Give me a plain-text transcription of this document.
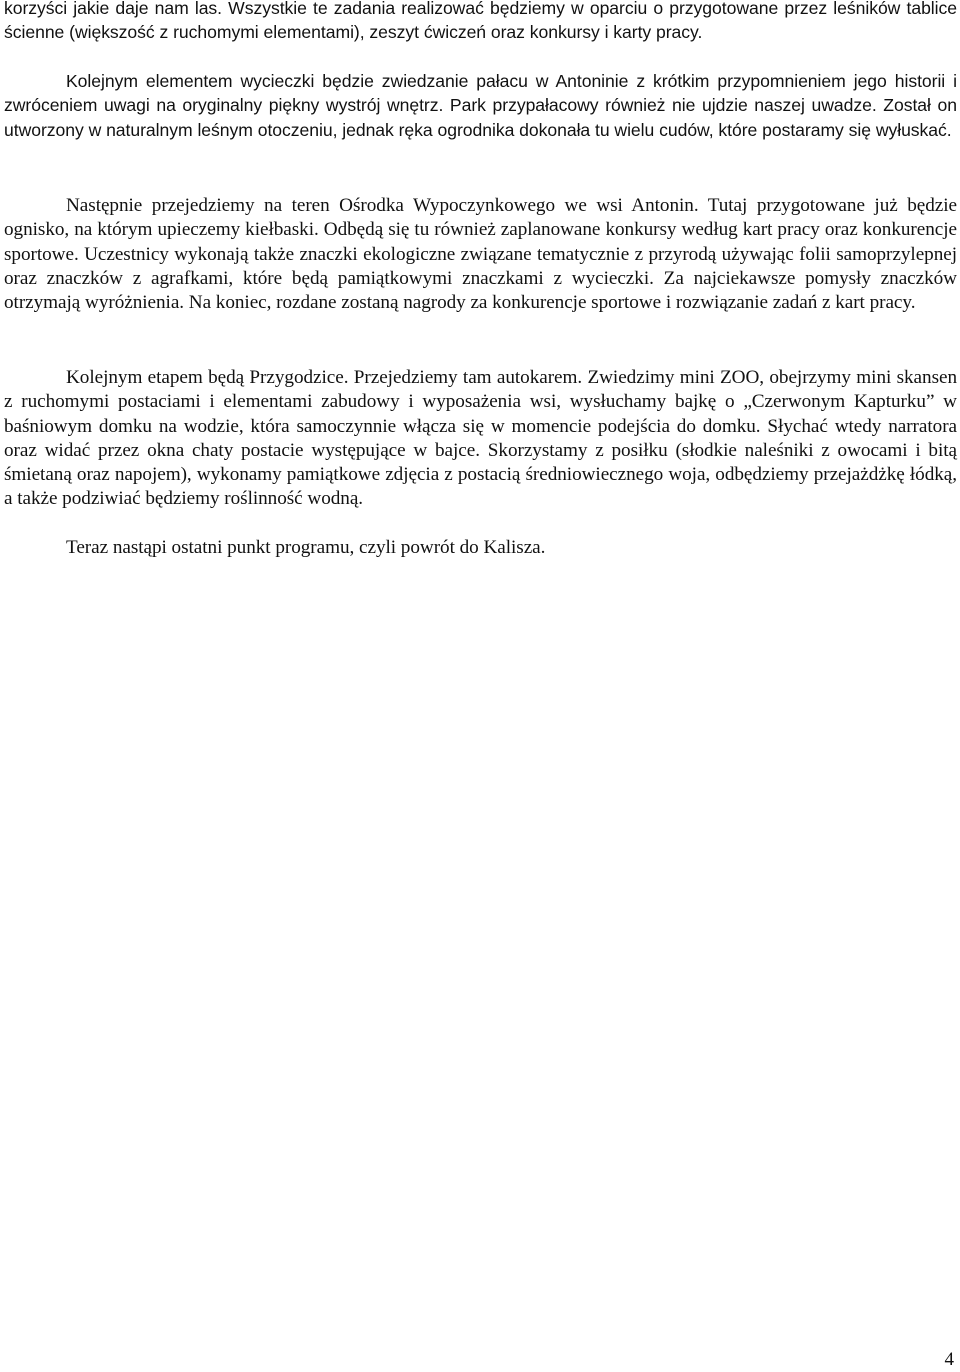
korzyści jakie daje nam las. Wszystkie te zadania realizować będziemy w oparciu o przygotowane przez leśników tablice ścienne (większość z ruchomymi elementami), zeszyt ćwiczeń oraz konkursy i karty pracy.

Kolejnym elementem wycieczki będzie zwiedzanie pałacu w Antoninie z krótkim przypomnieniem jego historii i zwróceniem uwagi na oryginalny piękny wystrój wnętrz. Park przypałacowy również nie ujdzie naszej uwadze. Został on utworzony w naturalnym leśnym otoczeniu, jednak ręka ogrodnika dokonała tu wielu cudów, które postaramy się wyłuskać.

Następnie przejedziemy na teren Ośrodka Wypoczynkowego we wsi Antonin. Tutaj przygotowane już będzie ognisko, na którym upieczemy kiełbaski. Odbędą się tu również zaplanowane konkursy według kart pracy oraz konkurencje sportowe. Uczestnicy wykonają także znaczki ekologiczne związane tematycznie z przyrodą używając folii samoprzylepnej oraz znaczków z agrafkami, które będą pamiątkowymi znaczkami z wycieczki. Za najciekawsze pomysły znaczków otrzymają wyróżnienia. Na koniec, rozdane zostaną nagrody za konkurencje sportowe i rozwiązanie zadań z kart pracy.

Kolejnym etapem będą Przygodzice. Przejedziemy tam autokarem. Zwiedzimy mini ZOO, obejrzymy mini skansen z ruchomymi postaciami i elementami zabudowy i wyposażenia wsi, wysłuchamy bajkę o „Czerwonym Kapturku” w baśniowym domku na wodzie, która samoczynnie włącza się w momencie podejścia do domku. Słychać wtedy narratora oraz widać przez okna chaty postacie występujące w bajce. Skorzystamy z posiłku (słodkie naleśniki z owocami i bitą śmietaną oraz napojem), wykonamy pamiątkowe zdjęcia z postacią średniowiecznego woja, odbędziemy przejażdżkę łódką, a także podziwiać będziemy roślinność wodną.

Teraz nastąpi ostatni punkt programu, czyli powrót do Kalisza.

4
